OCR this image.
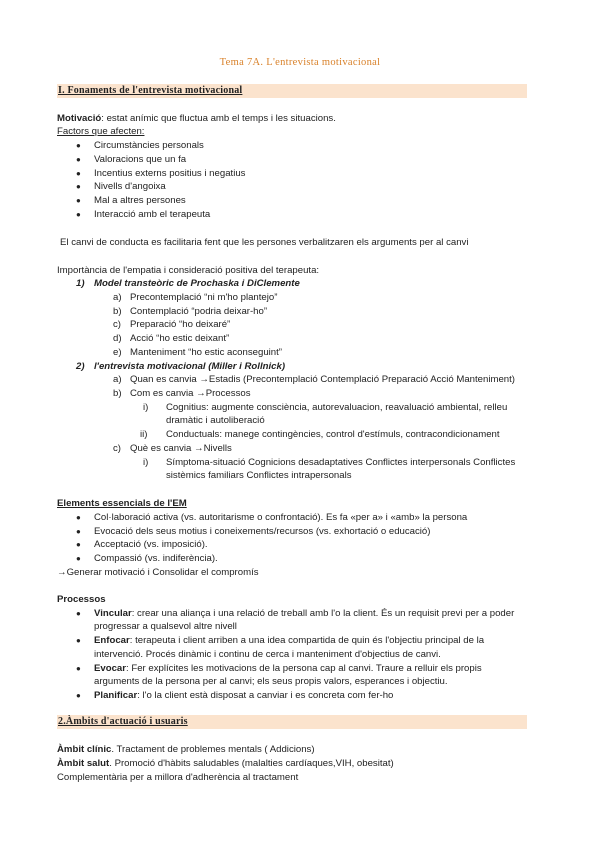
Tema 7A. L'entrevista motivacional
I. Fonaments de l'entrevista motivacional
Motivació: estat anímic que fluctua amb el temps i les situacions.
Factors que afecten:
● Circumstàncies personals
● Valoracions que un fa
● Incentius externs positius i negatius
● Nivells d'angoixa
● Mal a altres persones
● Interacció amb el terapeuta
El canvi de conducta es facilitaria fent que les persones verbalitzaren els arguments per al canvi
Importància de l'empatia i consideració positiva del terapeuta:
1) Model transteòric de Prochaska i DiClemente
a) Precontemplació “ni m'ho plantejo”
b) Contemplació “podria deixar-ho”
c) Preparació “ho deixaré”
d) Acció “ho estic deixant”
e) Manteniment “ho estic aconseguint”
2) l'entrevista motivacional (Miller i Rollnick)
a) Quan es canvia →Estadis (Precontemplació Contemplació Preparació Acció Manteniment)
b) Com es canvia →Processos
i) Cognitius: augmente consciència, autorevaluacion, reavaluació ambiental, relleu
dramàtic i autoliberació
ii) Conductuals: manege contingències, control d'estímuls, contracondicionament
c) Què es canvia →Nivells
i) Símptoma-situació Cognicions desadaptatives Conflictes interpersonals Conflictes
sistèmics familiars Conflictes intrapersonals
Elements essencials de l'EM
● Col·laboració activa (vs. autoritarisme o confrontació). Es fa «per a» i «amb» la persona
● Evocació dels seus motius i coneixements/recursos (vs. exhortació o educació)
● Acceptació (vs. imposició).
● Compassió (vs. indiferència).
→Generar motivació i Consolidar el compromís
Processos
● Vincular: crear una aliança i una relació de treball amb l'o la client. És un requisit previ per a poder
progressar a qualsevol altre nivell
● Enfocar: terapeuta i client arriben a una idea compartida de quin és l'objectiu principal de la
intervenció. Procés dinàmic i continu de cerca i manteniment d'objectius de canvi.
● Evocar: Fer explícites les motivacions de la persona cap al canvi. Traure a relluir els propis
arguments de la persona per al canvi; els seus propis valors, esperances i objectiu.
● Planificar: l'o la client està disposat a canviar i es concreta com fer-ho
2.Àmbits d'actuació i usuaris
Àmbit clínic. Tractament de problemes mentals ( Addicions)
Àmbit salut. Promoció d'hàbits saludables (malalties cardíaques,VIH, obesitat)
Complementària per a millora d'adherència al tractament
